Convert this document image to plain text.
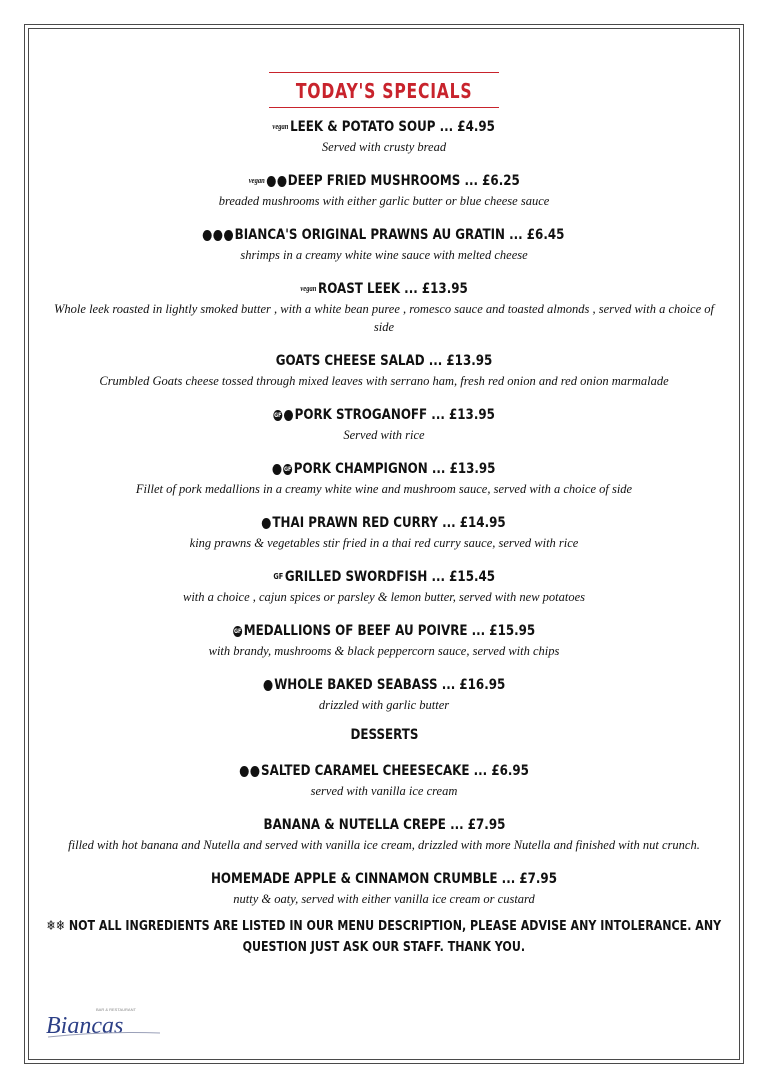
TODAY'S SPECIALS
vegan LEEK & POTATO SOUP ... £4.95
Served with crusty bread
vegan DEEP FRIED MUSHROOMS ... £6.25
breaded mushrooms with either garlic butter or blue cheese sauce
BIANCA'S ORIGINAL PRAWNS AU GRATIN ... £6.45
shrimps in a creamy white wine sauce with melted cheese
vegan ROAST LEEK ... £13.95
Whole leek roasted in lightly smoked butter , with a white bean puree , romesco sauce and toasted almonds , served with a choice of side
GOATS CHEESE SALAD ... £13.95
Crumbled Goats cheese tossed through mixed leaves with serrano ham, fresh red onion and red onion marmalade
GF PORK STROGANOFF ... £13.95
Served with rice
GF PORK CHAMPIGNON ... £13.95
Fillet of pork medallions in a creamy white wine and mushroom sauce, served with a choice of side
THAI PRAWN RED CURRY ... £14.95
king prawns & vegetables stir fried in a thai red curry sauce, served with rice
GF GRILLED SWORDFISH ... £15.45
with a choice , cajun spices or parsley & lemon butter, served with new potatoes
GF MEDALLIONS OF BEEF AU POIVRE ... £15.95
with brandy, mushrooms & black peppercorn sauce, served with chips
WHOLE BAKED SEABASS ... £16.95
drizzled with garlic butter
DESSERTS
SALTED CARAMEL CHEESECAKE ... £6.95
served with vanilla ice cream
BANANA & NUTELLA CREPE ... £7.95
filled with hot banana and Nutella and served with vanilla ice cream, drizzled with more Nutella and finished with nut crunch.
HOMEMADE APPLE & CINNAMON CRUMBLE ... £7.95
nutty & oaty, served with either vanilla ice cream or custard
❄❄ NOT ALL INGREDIENTS ARE LISTED IN OUR MENU DESCRIPTION, PLEASE ADVISE ANY INTOLERANCE. ANY QUESTION JUST ASK OUR STAFF. THANK YOU.
BAR & RESTAURANT
Biancas
